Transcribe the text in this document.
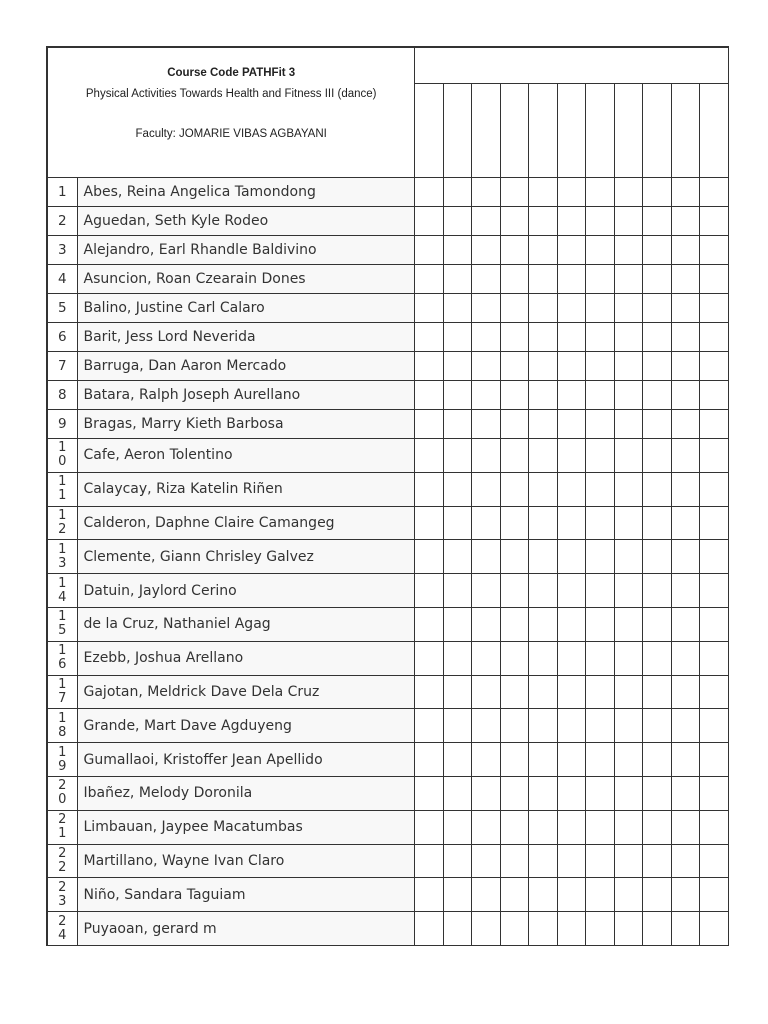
Course Code PATHFit 3
Physical Activities Towards Health and Fitness III (dance)
Faculty: JOMARIE VIBAS AGBAYANI												

1	Abes, Reina Angelica Tamondong											
2	Aguedan, Seth Kyle Rodeo											
3	Alejandro, Earl Rhandle Baldivino											
4	Asuncion, Roan Czearain Dones											
5	Balino, Justine Carl Calaro											
6	Barit, Jess Lord Neverida											
7	Barruga, Dan Aaron Mercado											
8	Batara, Ralph Joseph Aurellano											
9	Bragas, Marry Kieth Barbosa											
10	Cafe, Aeron Tolentino											
11	Calaycay, Riza Katelin Riñen											
12	Calderon, Daphne Claire Camangeg											
13	Clemente, Giann Chrisley Galvez											
14	Datuin, Jaylord Cerino											
15	de la Cruz, Nathaniel Agag											
16	Ezebb, Joshua Arellano											
17	Gajotan, Meldrick Dave Dela Cruz											
18	Grande, Mart Dave Agduyeng											
19	Gumallaoi, Kristoffer Jean Apellido											
20	Ibañez, Melody Doronila											
21	Limbauan, Jaypee Macatumbas											
22	Martillano, Wayne Ivan Claro											
23	Niño, Sandara Taguiam											
24	Puyaoan, gerard m											
